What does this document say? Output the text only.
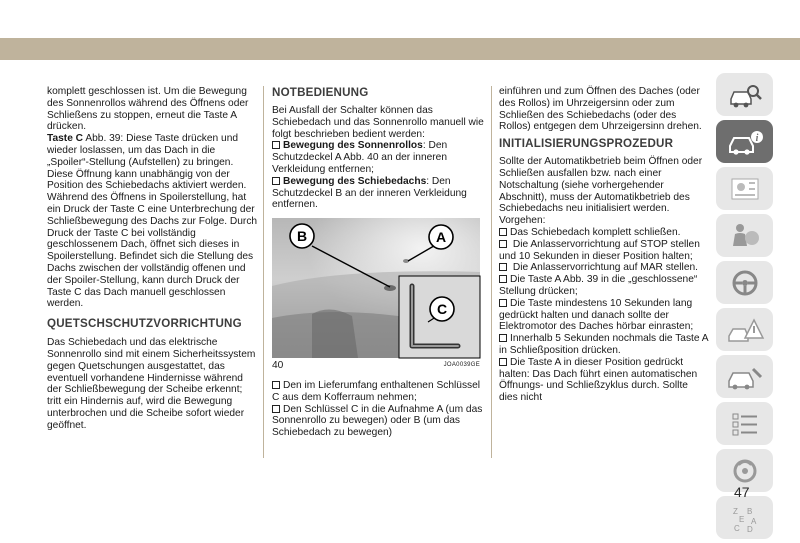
komplett geschlossen ist. Um die Bewegung des Sonnenrollos während des Öffnens oder Schließens zu stoppen, erneut die Taste A drücken.

Taste C Abb. 39: Diese Taste drücken und wieder loslassen, um das Dach in die „Spoiler“-Stellung (Aufstellen) zu bringen. Diese Öffnung kann unabhängig von der Position des Schiebedachs aktiviert werden. Während des Öffnens in Spoilerstellung, hat ein Druck der Taste C eine Unterbrechung der Schließbewegung des Dachs zur Folge. Durch Druck der Taste C bei vollständig geschlossenem Dach, öffnet sich dieses in Spoilerstellung. Befindet sich die Stellung des Dachs zwischen der vollständig offenen und der Spoiler-Stellung, kann durch Druck der Taste C das Dach manuell geschlossen werden.

QUETSCHSCHUTZVORRICHTUNG

Das Schiebedach und das elektrische Sonnenrollo sind mit einem Sicherheitssystem gegen Quetschungen ausgestattet, das eventuell vorhandene Hindernisse während der Schließbewegung der Scheibe erkennt; tritt ein Hindernis auf, wird die Bewegung unterbrochen und die Scheibe sofort wieder geöffnet.

NOTBEDIENUNG

Bei Ausfall der Schalter können das Schiebedach und das Sonnenrollo manuell wie folgt beschrieben bedient werden:

Bewegung des Sonnenrollos: Den Schutzdeckel A Abb. 40 an der inneren Verkleidung entfernen;

Bewegung des Schiebedachs: Den Schutzdeckel B an der inneren Verkleidung entfernen.

B	A
C
40	JOA0039GE

Den im Lieferumfang enthaltenen Schlüssel C aus dem Kofferraum nehmen;

Den Schlüssel C in die Aufnahme A (um das Sonnenrollo zu bewegen) oder B (um das Schiebedach zu bewegen)

einführen und zum Öffnen des Daches (oder des Rollos) im Uhrzeigersinn oder zum Schließen des Schiebedachs (oder des Rollos) entgegen dem Uhrzeigersinn drehen.

INITIALISIERUNGSPROZEDUR

Sollte der Automatikbetrieb beim Öffnen oder Schließen ausfallen bzw. nach einer Notschaltung (siehe vorhergehender Abschnitt), muss der Automatikbetrieb des Schiebedachs neu initialisiert werden.

Vorgehen:

Das Schiebedach komplett schließen.

Die Anlasservorrichtung auf STOP stellen und 10 Sekunden in dieser Position halten;

Die Anlasservorrichtung auf MAR stellen.

Die Taste A Abb. 39 in die „geschlossene“ Stellung drücken;

Die Taste mindestens 10 Sekunden lang gedrückt halten und danach sollte der Elektromotor des Daches hörbar einrasten;

Innerhalb 5 Sekunden nochmals die Taste A in Schließposition drücken.

Die Taste A in dieser Position gedrückt halten: Das Dach führt einen automatischen Öffnungs- und Schließzyklus durch. Sollte dies nicht

i
Z B
E A
C D
47
